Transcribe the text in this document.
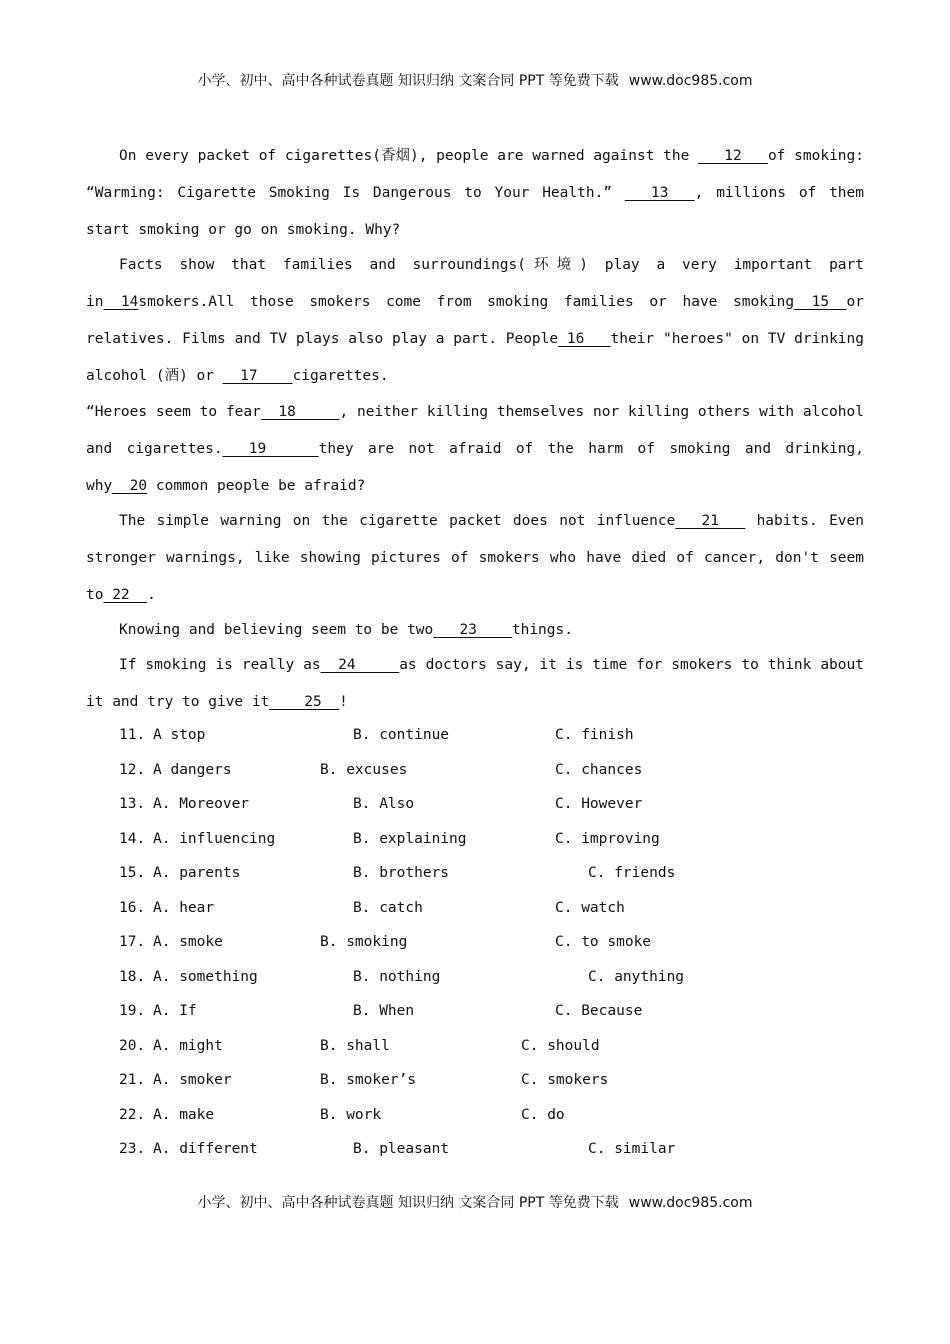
小学、初中、高中各种试卷真题 知识归纳 文案合同 PPT 等免费下载 www.doc985.com
On every packet of cigarettes(香烟), people are warned against the ___12___of smoking: “Warming: Cigarette Smoking Is Dangerous to Your Health.” ___13___, millions of them start smoking or go on smoking. Why?
Facts show that families and surroundings(环境) play a very important part in__14smokers.All those smokers come from smoking families or have smoking__15__or relatives. Films and TV plays also play a part. People_16___their "heroes" on TV drinking alcohol (酒) or __17____cigarettes.
“Heroes seem to fear__18_____, neither killing themselves nor killing others with alcohol and cigarettes.___19______they are not afraid of the harm of smoking and drinking, why__20 common people be afraid?
The simple warning on the cigarette packet does not influence___21___ habits. Even stronger warnings, like showing pictures of smokers who have died of cancer, don't seem to_22__.
Knowing and believing seem to be two___23____things.
If smoking is really as__24_____as doctors say, it is time for smokers to think about it and try to give it____25__!
11. A stop	B. continue	C. finish
12. A dangers	B. excuses	C. chances
13. A. Moreover	B. Also	C. However
14. A. influencing	B. explaining	C. improving
15. A. parents	B. brothers	C. friends
16. A. hear	B. catch	C. watch
17. A. smoke	B. smoking	C. to smoke
18. A. something	B. nothing	C. anything
19. A. If	B. When	C. Because
20. A. might	B. shall	C. should
21. A. smoker	B. smoker’s	C. smokers
22. A. make	B. work	C. do
23. A. different	B. pleasant	C. similar
小学、初中、高中各种试卷真题 知识归纳 文案合同 PPT 等免费下载 www.doc985.com
